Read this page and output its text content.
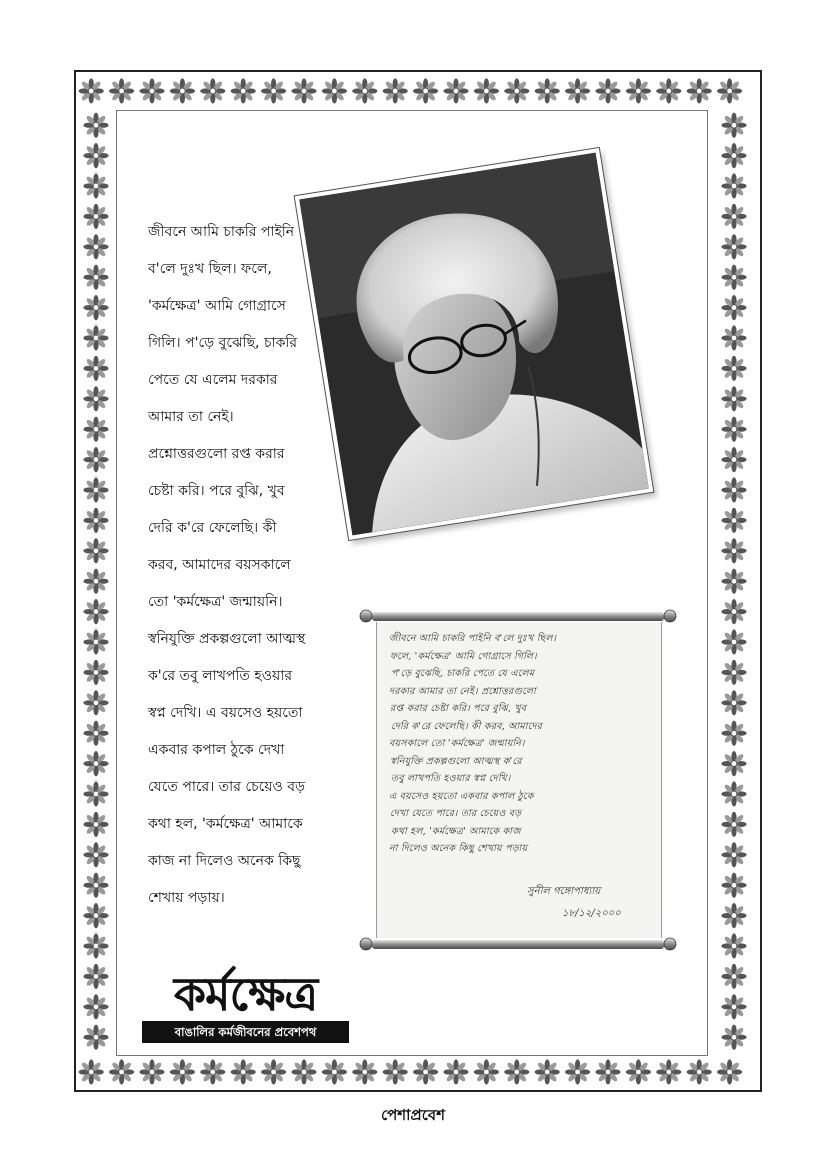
জীবনে আমি চাকরি পাইনি

ব'লে দুঃখ ছিল। ফলে,

'কর্মক্ষেত্র' আমি গোগ্রাসে

গিলি। প'ড়ে বুঝেছি, চাকরি

পেতে যে এলেম দরকার

আমার তা নেই।

প্রশ্নোত্তরগুলো রপ্ত করার

চেষ্টা করি। পরে বুঝি, খুব

দেরি ক'রে ফেলেছি। কী

করব, আমাদের বয়সকালে

তো 'কর্মক্ষেত্র' জন্মায়নি।

স্বনিযুক্তি প্রকল্পগুলো আত্মস্থ

ক'রে তবু লাখপতি হওয়ার

স্বপ্ন দেখি। এ বয়সেও হয়তো

একবার কপাল ঠুকে দেখা

যেতে পারে। তার চেয়েও বড়

কথা হল, 'কর্মক্ষেত্র' আমাকে

কাজ না দিলেও অনেক কিছু

শেখায় পড়ায়।

জীবনে আমি চাকরি পাইনি ব'লে দুঃখ ছিল।
ফলে, 'কর্মক্ষেত্র' আমি গোগ্রাসে গিলি।
প'ড়ে বুঝেছি, চাকরি পেতে যে এলেম
দরকার আমার তা নেই। প্রশ্নোত্তরগুলো
রপ্ত করার চেষ্টা করি। পরে বুঝি, খুব
দেরি ক'রে ফেলেছি। কী করব, আমাদের
বয়সকালে তো 'কর্মক্ষেত্র' জন্মায়নি।
স্বনিযুক্তি প্রকল্পগুলো আত্মস্থ ক'রে
তবু লাখপতি হওয়ার স্বপ্ন দেখি।
এ বয়সেও হয়তো একবার কপাল ঠুকে
দেখা যেতে পারে। তার চেয়েও বড়
কথা হল, 'কর্মক্ষেত্র' আমাকে কাজ
না দিলেও অনেক কিছু শেখায় পড়ায়
সুনীল গঙ্গোপাধ্যায়
১৮/১২/২০০০
কর্মক্ষেত্র
বাঙালির কর্মজীবনের প্রবেশপথ
পেশাপ্রবেশ
